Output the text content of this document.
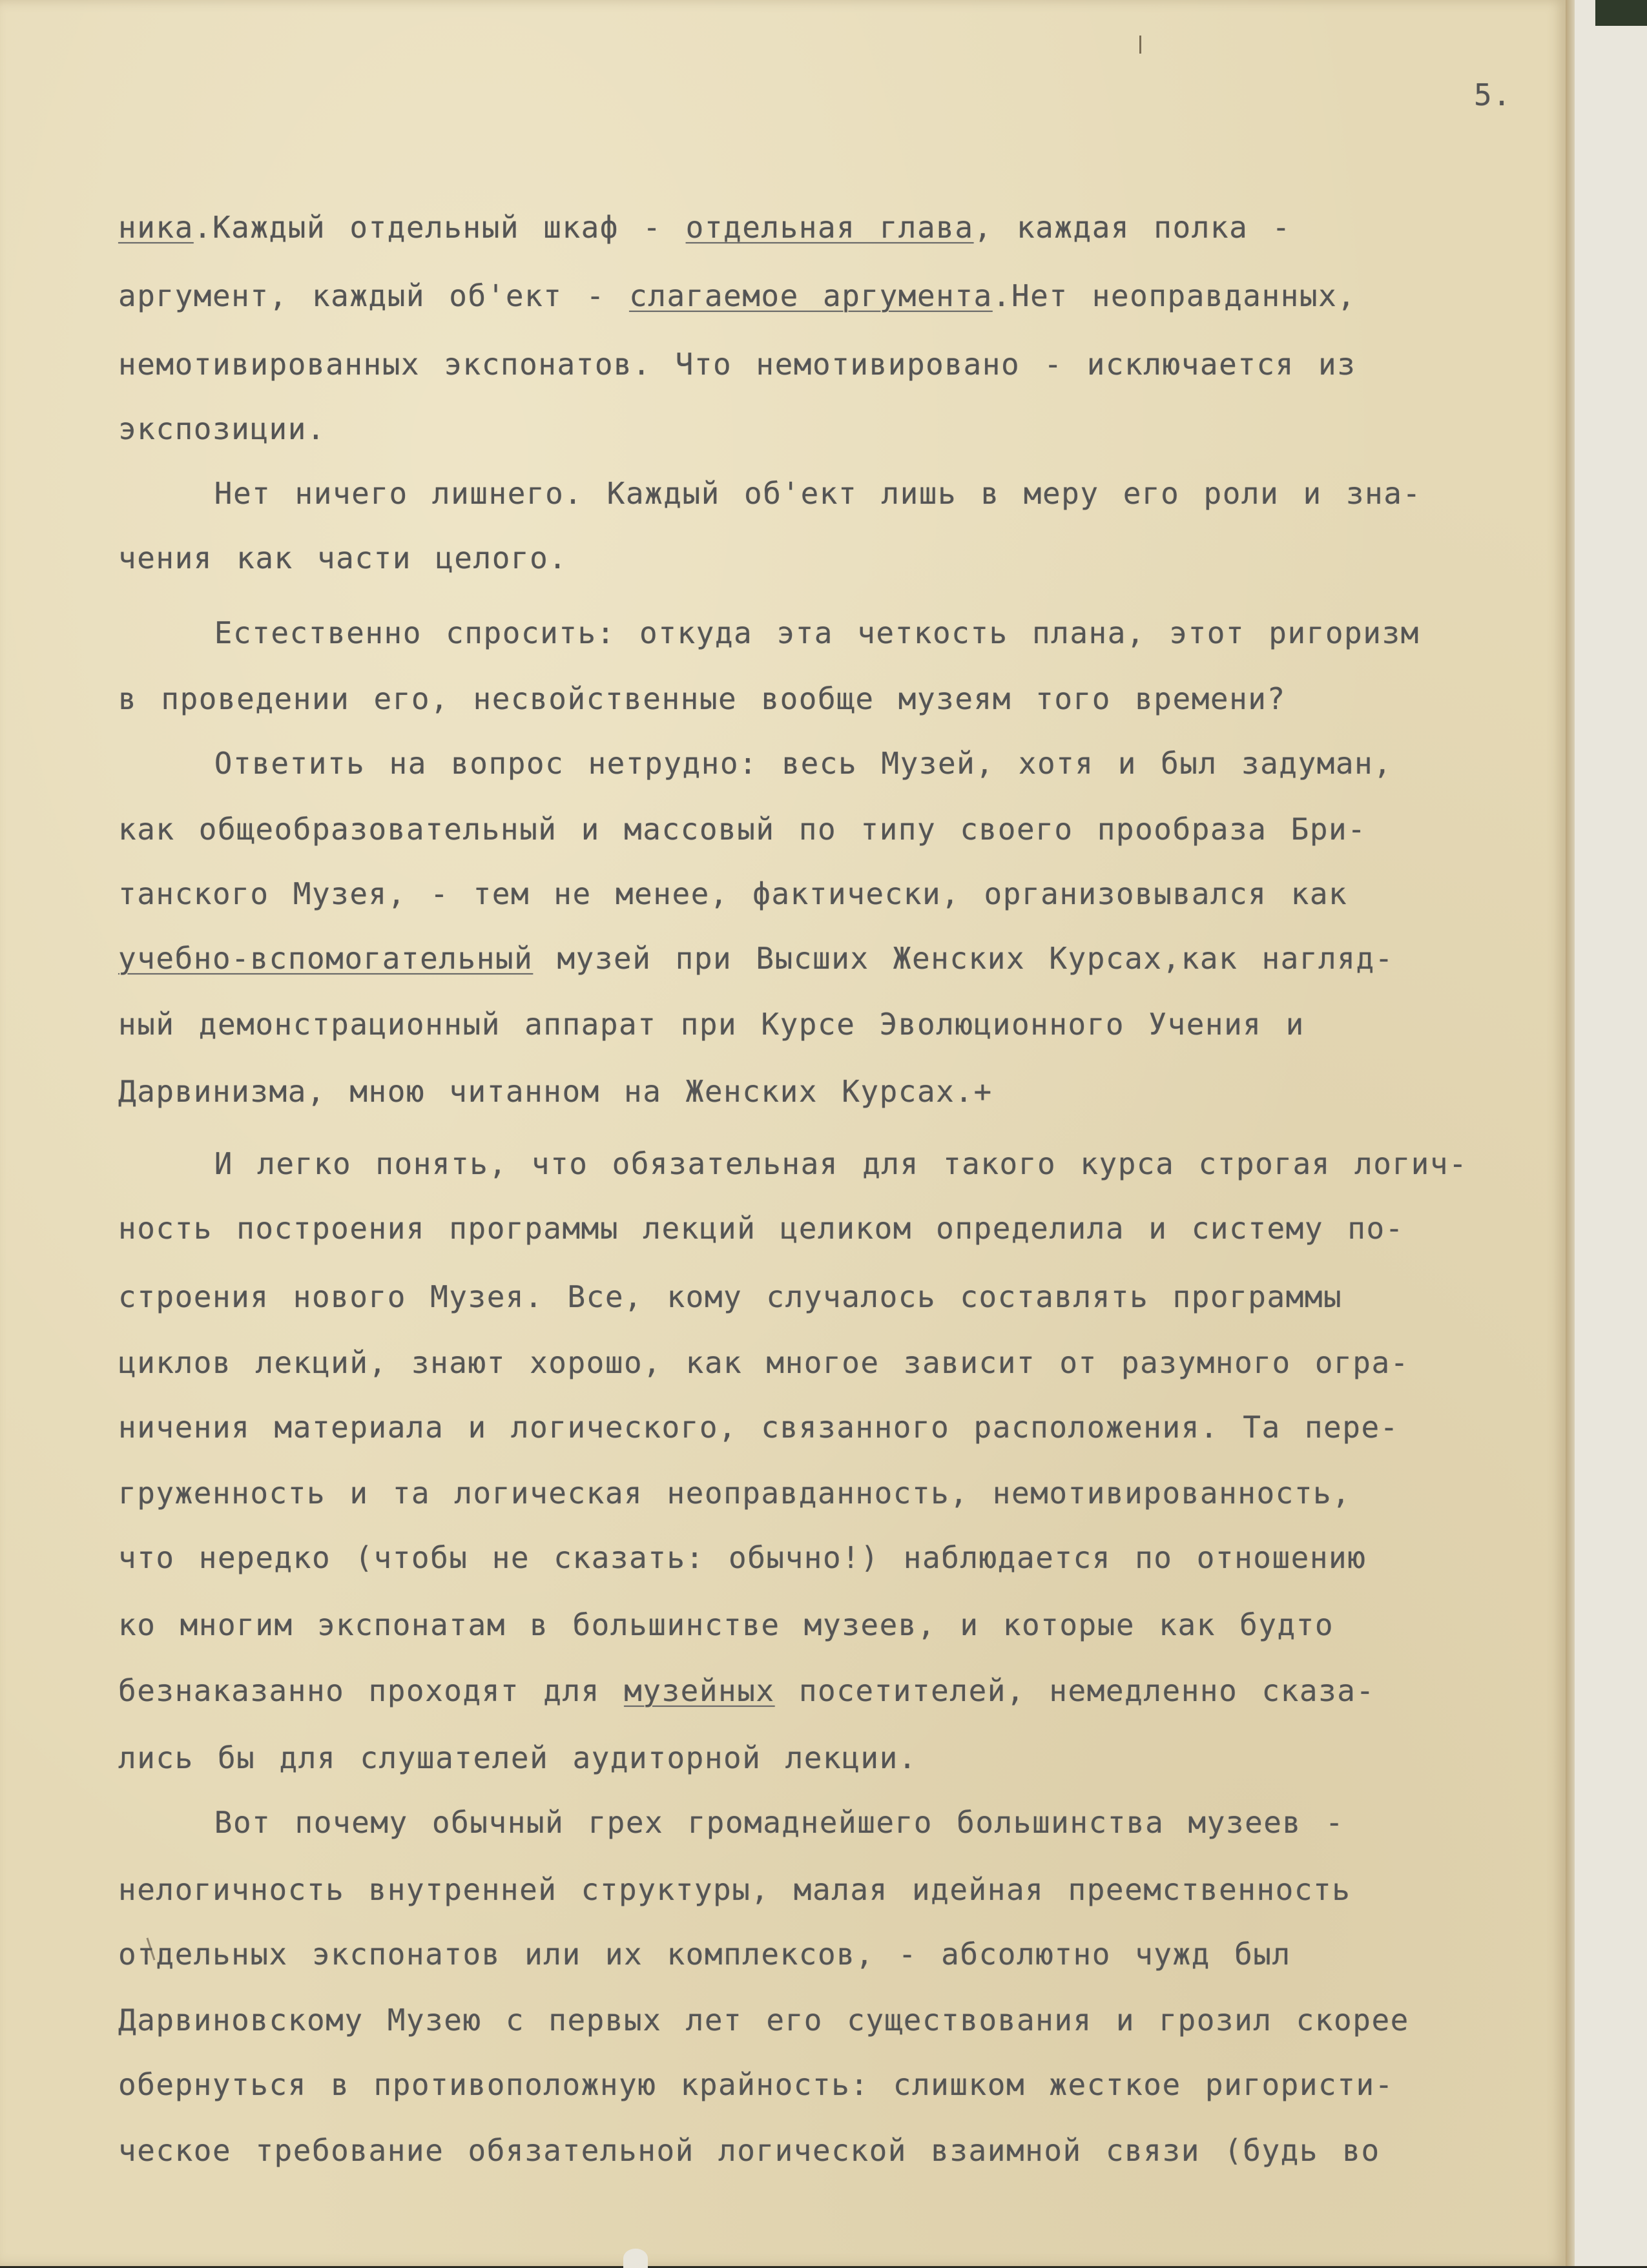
5.
ника.Каждый отдельный шкаф - отдельная глава, каждая полка -
аргумент, каждый об'ект - слагаемое аргумента.Нет неоправданных,
немотивированных экспонатов. Что немотивировано - исключается из
экспозиции.
Нет ничего лишнего. Каждый об'ект лишь в меру его роли и зна-
чения как части целого.
Естественно спросить: откуда эта четкость плана, этот ригоризм
в проведении его, несвойственные вообще музеям того времени?
Ответить на вопрос нетрудно: весь Музей, хотя и был задуман,
как общеобразовательный и массовый по типу своего прообраза Бри-
танского Музея, - тем не менее, фактически, организовывался как
учебно-вспомогательный музей при Высших Женских Курсах,как нагляд-
ный демонстрационный аппарат при Курсе Эволюционного Учения и
Дарвинизма, мною читанном на Женских Курсах.+
И легко понять, что обязательная для такого курса строгая логич-
ность построения программы лекций целиком определила и систему по-
строения нового Музея. Все, кому случалось составлять программы
циклов лекций, знают хорошо, как многое зависит от разумного огра-
ничения материала и логического, связанного расположения. Та пере-
груженность и та логическая неоправданность, немотивированность,
что нередко (чтобы не сказать: обычно!) наблюдается по отношению
ко многим экспонатам в большинстве музеев, и которые как будто
безнаказанно проходят для музейных посетителей, немедленно сказа-
лись бы для слушателей аудиторной лекции.
Вот почему обычный грех громаднейшего большинства музеев -
нелогичность внутренней структуры, малая идейная преемственность
отдельных экспонатов или их комплексов, - абсолютно чужд был
Дарвиновскому Музею с первых лет его существования и грозил скорее
обернуться в противоположную крайность: слишком жесткое ригористи-
ческое требование обязательной логической взаимной связи (будь во
